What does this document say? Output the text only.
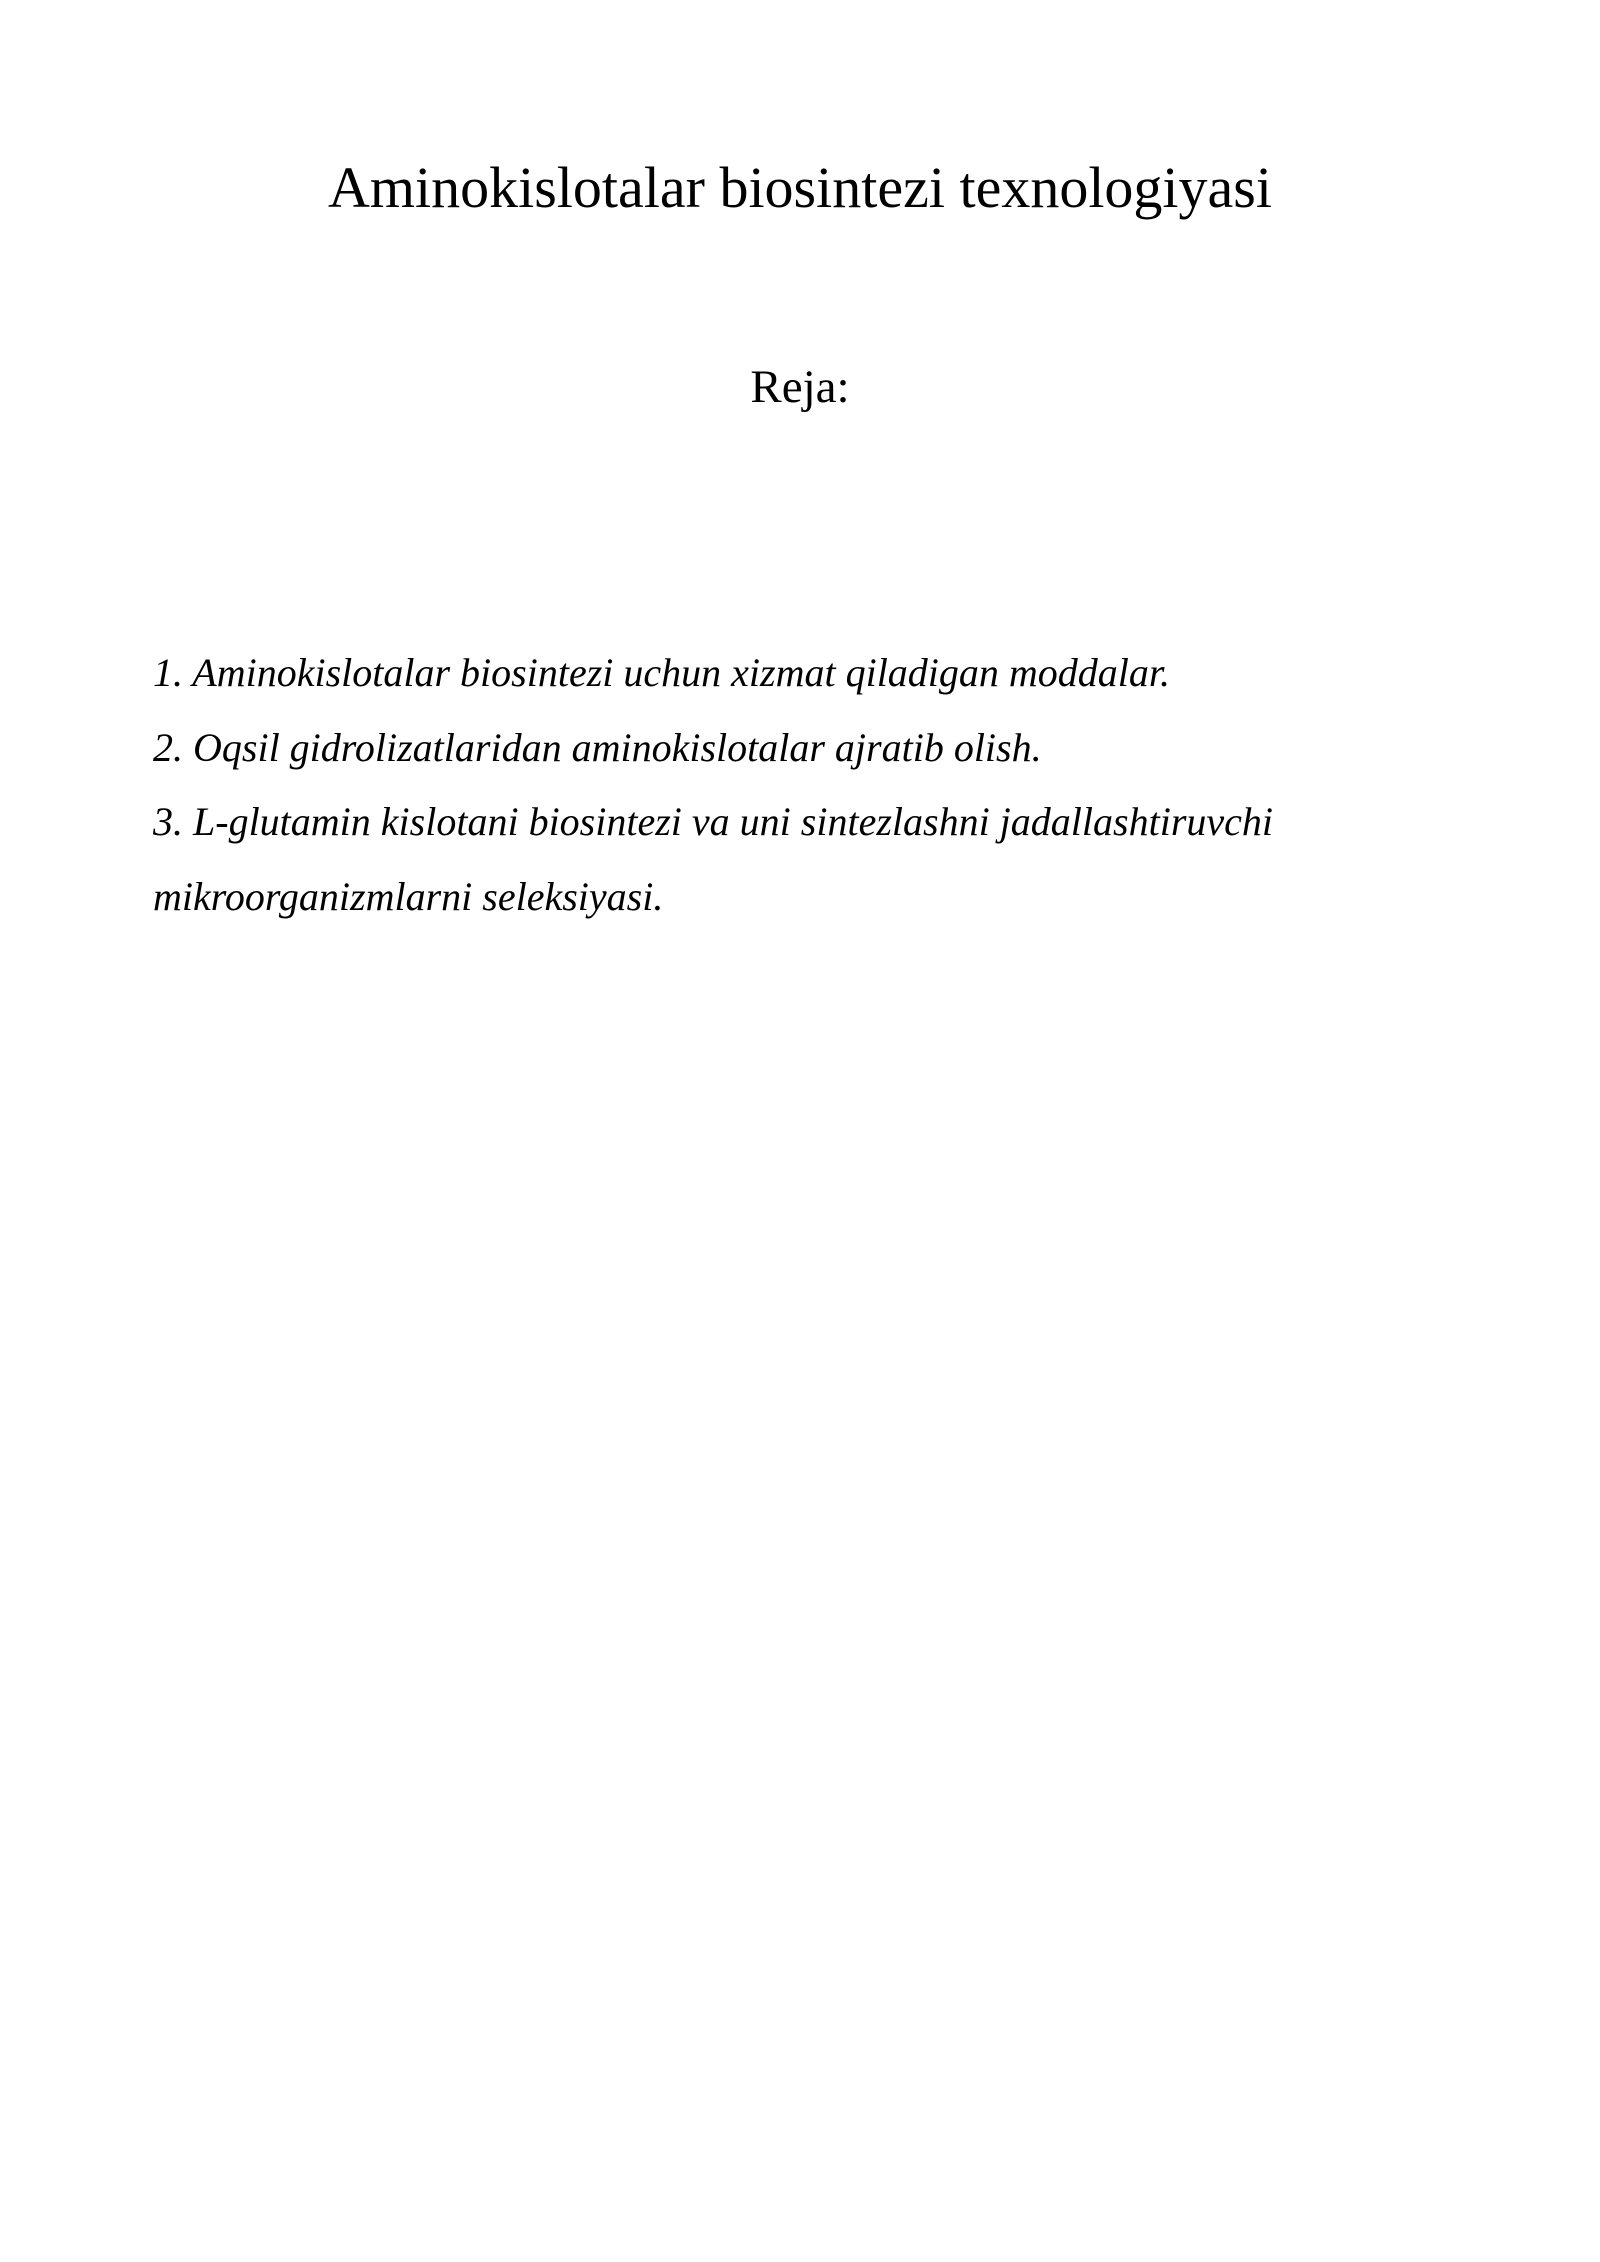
Aminokislotalar biosintezi texnologiyasi

Reja:

1. Aminokislotalar biosintezi uchun xizmat qiladigan moddalar.
2. Oqsil gidrolizatlaridan aminokislotalar ajratib olish.
3. L-glutamin kislotani biosintezi va uni sintezlashni jadallashtiruvchi mikroorganizmlarni seleksiyasi.
